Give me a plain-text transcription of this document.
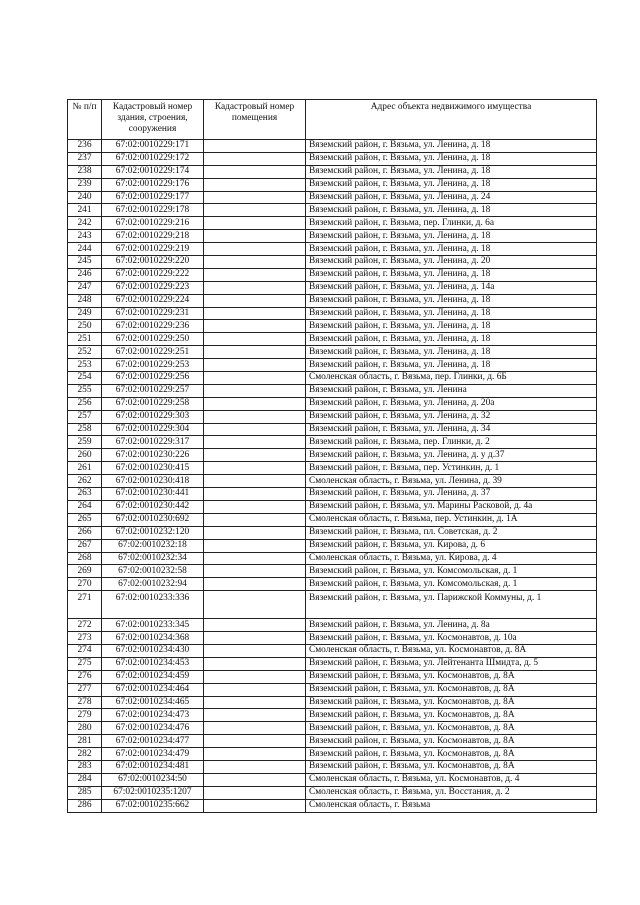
№ п/п	Кадастровый номер здания, строения, сооружения	Кадастровый номер помещения	Адрес объекта недвижимого имущества
236	67:02:0010229:171		Вяземский район, г. Вязьма, ул. Ленина, д. 18
237	67:02:0010229:172		Вяземский район, г. Вязьма, ул. Ленина, д. 18
238	67:02:0010229:174		Вяземский район, г. Вязьма, ул. Ленина, д. 18
239	67:02:0010229:176		Вяземский район, г. Вязьма, ул. Ленина, д. 18
240	67:02:0010229:177		Вяземский район, г. Вязьма, ул. Ленина, д. 24
241	67:02:0010229:178		Вяземский район, г. Вязьма, ул. Ленина, д. 18
242	67:02:0010229:216		Вяземский район, г. Вязьма, пер. Глинки, д. 6а
243	67:02:0010229:218		Вяземский район, г. Вязьма, ул. Ленина, д. 18
244	67:02:0010229:219		Вяземский район, г. Вязьма, ул. Ленина, д. 18
245	67:02:0010229:220		Вяземский район, г. Вязьма, ул. Ленина, д. 20
246	67:02:0010229:222		Вяземский район, г. Вязьма, ул. Ленина, д. 18
247	67:02:0010229:223		Вяземский район, г. Вязьма, ул. Ленина, д. 14а
248	67:02:0010229:224		Вяземский район, г. Вязьма, ул. Ленина, д. 18
249	67:02:0010229:231		Вяземский район, г. Вязьма, ул. Ленина, д. 18
250	67:02:0010229:236		Вяземский район, г. Вязьма, ул. Ленина, д. 18
251	67:02:0010229:250		Вяземский район, г. Вязьма, ул. Ленина, д. 18
252	67:02:0010229:251		Вяземский район, г. Вязьма, ул. Ленина, д. 18
253	67:02:0010229:253		Вяземский район, г. Вязьма, ул. Ленина, д. 18
254	67:02:0010229:256		Смоленская область, г. Вязьма, пер. Глинки, д. 6Б
255	67:02:0010229:257		Вяземский район, г. Вязьма, ул. Ленина
256	67:02:0010229:258		Вяземский район, г. Вязьма, ул. Ленина, д. 20а
257	67:02:0010229:303		Вяземский район, г. Вязьма, ул. Ленина, д. 32
258	67:02:0010229:304		Вяземский район, г. Вязьма, ул. Ленина, д. 34
259	67:02:0010229:317		Вяземский район, г. Вязьма, пер. Глинки, д. 2
260	67:02:0010230:226		Вяземский район, г. Вязьма, ул. Ленина, д. у д.37
261	67:02:0010230:415		Вяземский район, г. Вязьма, пер. Устинкин, д. 1
262	67:02:0010230:418		Смоленская область, г. Вязьма, ул. Ленина, д. 39
263	67:02:0010230:441		Вяземский район, г. Вязьма, ул. Ленина, д. 37
264	67:02:0010230:442		Вяземский район, г. Вязьма, ул. Марины Расковой, д. 4а
265	67:02:0010230:692		Смоленская область, г. Вязьма, пер. Устинкин, д. 1А
266	67:02:0010232:120		Вяземский район, г. Вязьма, пл. Советская, д. 2
267	67:02:0010232:18		Вяземский район, г. Вязьма, ул. Кирова, д. 6
268	67:02:0010232:34		Смоленская область, г. Вязьма, ул. Кирова, д. 4
269	67:02:0010232:58		Вяземский район, г. Вязьма, ул. Комсомольская, д. 1
270	67:02:0010232:94		Вяземский район, г. Вязьма, ул. Комсомольская, д. 1
271	67:02:0010233:336		Вяземский район, г. Вязьма, ул. Парижской Коммуны, д. 1
272	67:02:0010233:345		Вяземский район, г. Вязьма, ул. Ленина, д. 8а
273	67:02:0010234:368		Вяземский район, г. Вязьма, ул. Космонавтов, д. 10а
274	67:02:0010234:430		Смоленская область, г. Вязьма, ул. Космонавтов, д. 8А
275	67:02:0010234:453		Вяземский район, г. Вязьма, ул. Лейтенанта Шмидта, д. 5
276	67:02:0010234:459		Вяземский район, г. Вязьма, ул. Космонавтов, д. 8А
277	67:02:0010234:464		Вяземский район, г. Вязьма, ул. Космонавтов, д. 8А
278	67:02:0010234:465		Вяземский район, г. Вязьма, ул. Космонавтов, д. 8А
279	67:02:0010234:473		Вяземский район, г. Вязьма, ул. Космонавтов, д. 8А
280	67:02:0010234:476		Вяземский район, г. Вязьма, ул. Космонавтов, д. 8А
281	67:02:0010234:477		Вяземский район, г. Вязьма, ул. Космонавтов, д. 8А
282	67:02:0010234:479		Вяземский район, г. Вязьма, ул. Космонавтов, д. 8А
283	67:02:0010234:481		Вяземский район, г. Вязьма, ул. Космонавтов, д. 8А
284	67:02:0010234:50		Смоленская область, г. Вязьма, ул. Космонавтов, д. 4
285	67:02:0010235:1207		Смоленская область, г. Вязьма, ул. Восстания, д. 2
286	67:02:0010235:662		Смоленская область, г. Вязьма
